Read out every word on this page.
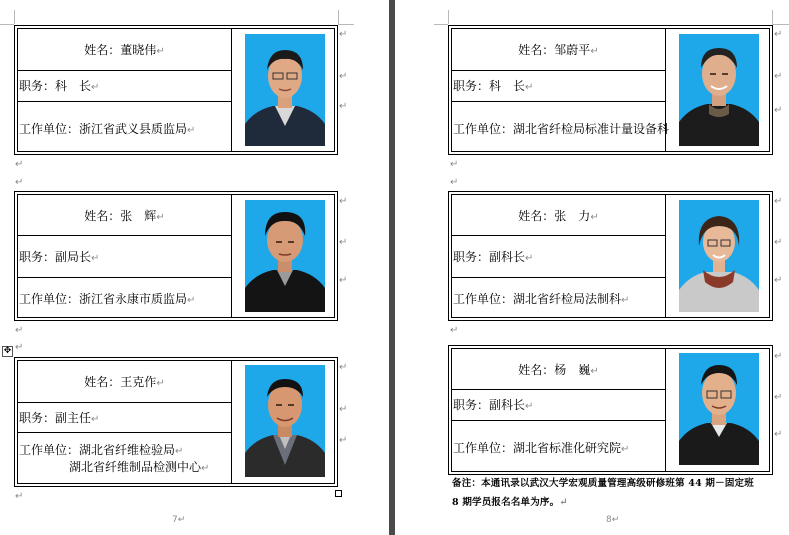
姓名：董晓伟↵
职务：科　长↵
工作单位：浙江省武义县质监局↵
↵
↵
↵
↵
↵
姓名：张　辉↵
职务：副局长↵
工作单位：浙江省永康市质监局↵
↵
↵
↵
↵
↵
✥
姓名：王克作↵
职务：副主任↵
工作单位：湖北省纤维检验局↵
湖北省纤维制品检测中心↵
↵
↵
↵
↵
7↵
姓名：邹蔚平↵
职务：科　长↵
工作单位：湖北省纤检局标准计量设备科
↵
↵
↵
↵
↵
姓名：张　力↵
职务：副科长↵
工作单位：湖北省纤检局法制科↵
↵
↵
↵
↵
姓名：杨　巍↵
职务：副科长↵
工作单位：湖北省标准化研究院↵
↵
↵
↵
备注：本通讯录以武汉大学宏观质量管理高级研修班第 44 期－固定班
8 期学员报名名单为序。↵
8↵
